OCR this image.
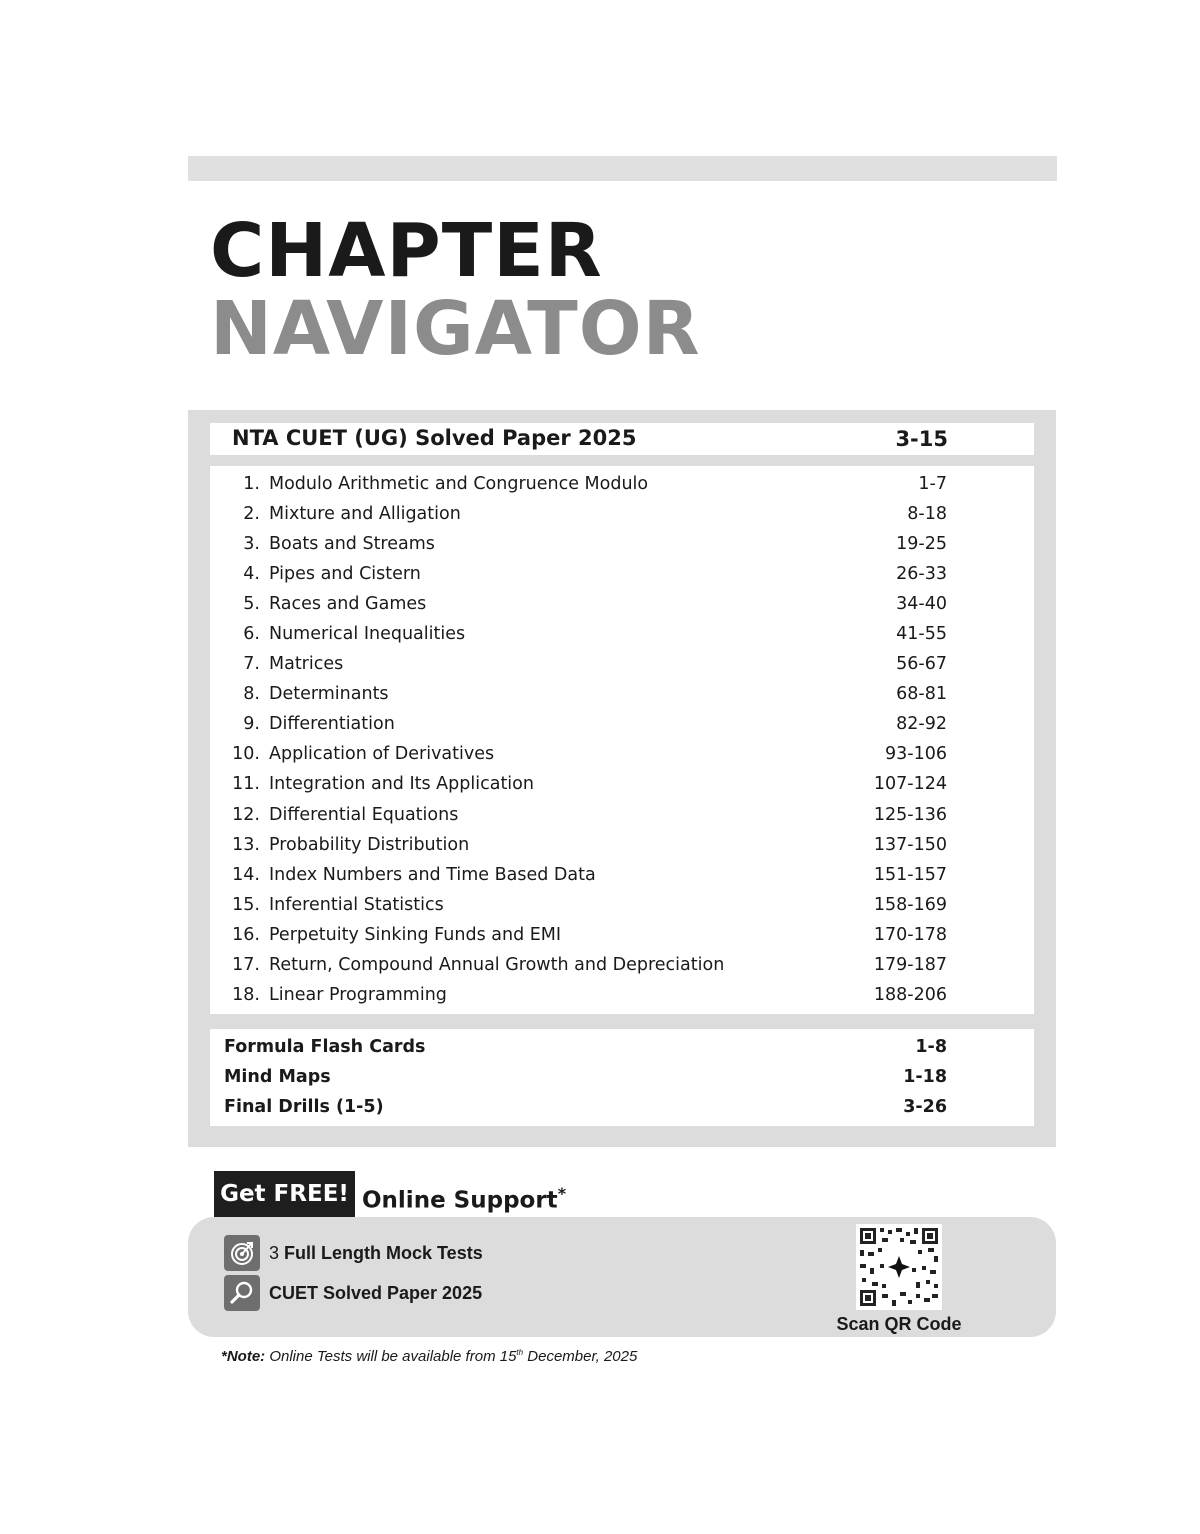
CHAPTER
NAVIGATOR
NTA CUET (UG) Solved Paper 2025	3-15
1. Modulo Arithmetic and Congruence Modulo	1-7
2. Mixture and Alligation	8-18
3. Boats and Streams	19-25
4. Pipes and Cistern	26-33
5. Races and Games	34-40
6. Numerical Inequalities	41-55
7. Matrices	56-67
8. Determinants	68-81
9. Differentiation	82-92
10. Application of Derivatives	93-106
11. Integration and Its Application	107-124
12. Differential Equations	125-136
13. Probability Distribution	137-150
14. Index Numbers and Time Based Data	151-157
15. Inferential Statistics	158-169
16. Perpetuity Sinking Funds and EMI	170-178
17. Return, Compound Annual Growth and Depreciation	179-187
18. Linear Programming	188-206
Formula Flash Cards	1-8
Mind Maps	1-18
Final Drills (1-5)	3-26
Get FREE! Online Support*
3 Full Length Mock Tests
CUET Solved Paper 2025
Scan QR Code
*Note: Online Tests will be available from 15th December, 2025
